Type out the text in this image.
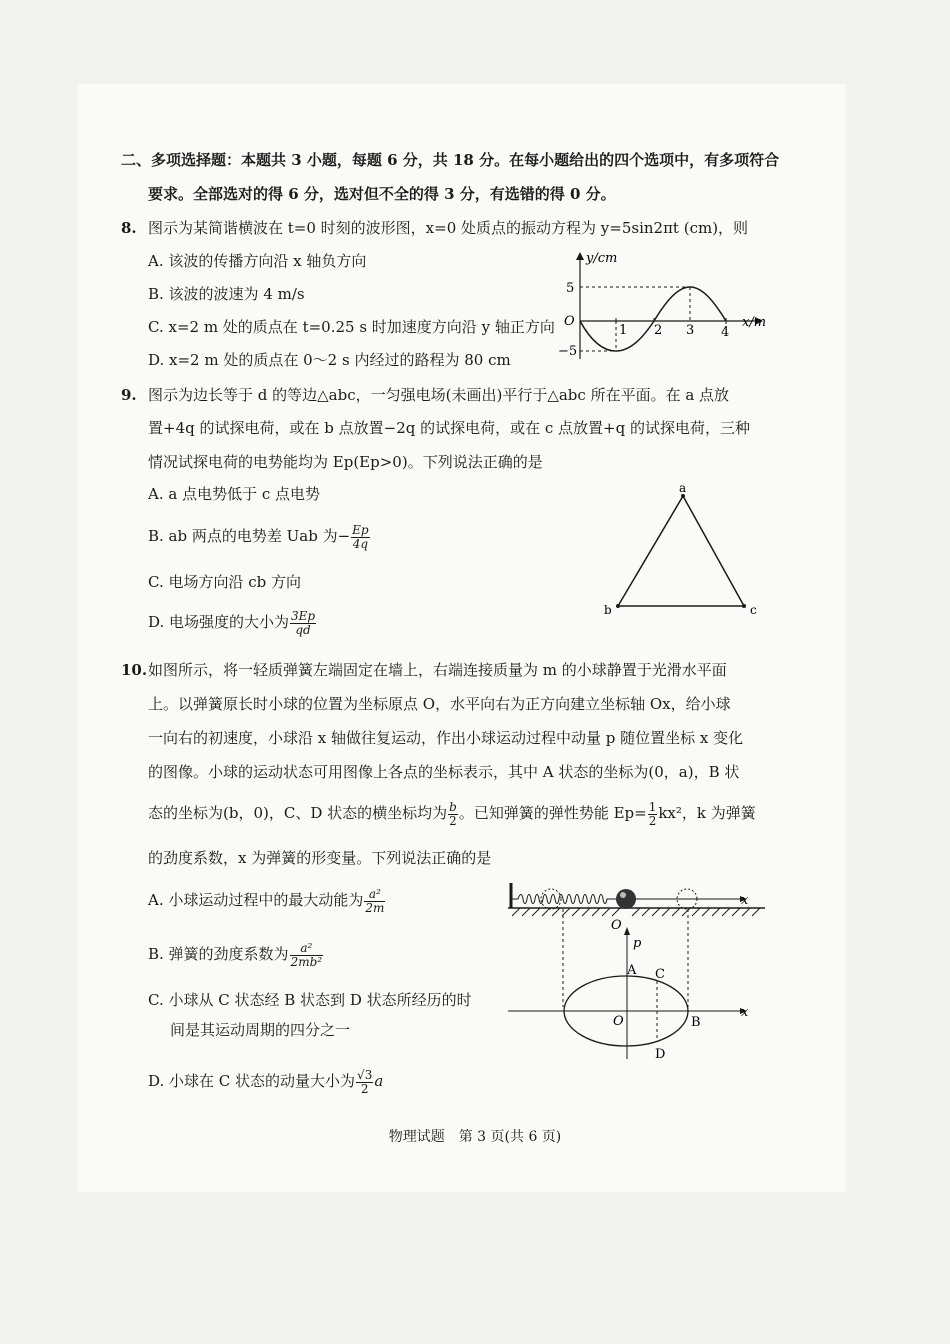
二、多项选择题：本题共 3 小题，每题 6 分，共 18 分。在每小题给出的四个选项中，有多项符合
要求。全部选对的得 6 分，选对但不全的得 3 分，有选错的得 0 分。
8. 图示为某简谐横波在 t=0 时刻的波形图，x=0 处质点的振动方程为 y=5sin2πt (cm)，则
A. 该波的传播方向沿 x 轴负方向
B. 该波的波速为 4 m/s
C. x=2 m 处的质点在 t=0.25 s 时加速度方向沿 y 轴正方向
D. x=2 m 处的质点在 0～2 s 内经过的路程为 80 cm
y/cm
x/m
O
5
−5
1 2 3 4
9. 图示为边长等于 d 的等边△abc，一匀强电场(未画出)平行于△abc 所在平面。在 a 点放
置+4q 的试探电荷，或在 b 点放置−2q 的试探电荷，或在 c 点放置+q 的试探电荷，三种
情况试探电荷的电势能均为 Ep(Ep>0)。下列说法正确的是
A. a 点电势低于 c 点电势
B. ab 两点的电势差 Uab 为− $\frac{Ep}{4q}$
C. 电场方向沿 cb 方向
D. 电场强度的大小为 $\frac{3Ep}{qd}$
a
b	c
10. 如图所示，将一轻质弹簧左端固定在墙上，右端连接质量为 m 的小球静置于光滑水平面
上。以弹簧原长时小球的位置为坐标原点 O，水平向右为正方向建立坐标轴 Ox，给小球
一向右的初速度，小球沿 x 轴做往复运动，作出小球运动过程中动量 p 随位置坐标 x 变化
的图像。小球的运动状态可用图像上各点的坐标表示，其中 A 状态的坐标为(0，a)，B 状
态的坐标为(b，0)，C、D 状态的横坐标均为 $\frac{b}{2}$ 。已知弹簧的弹性势能 $Ep= \frac{1}{2} kx^2$，k 为弹簧
的劲度系数，x 为弹簧的形变量。下列说法正确的是
A. 小球运动过程中的最大动能为 $\frac{\text{a²}}{2m}$
B. 弹簧的劲度系数为 $\frac{\text{a²}}{\text{2mb²}}$
C. 小球从 C 状态经 B 状态到 D 状态所经历的时
间是其运动周期的四分之一
D. 小球在 C 状态的动量大小为 $\frac{√3}{2}$ a
x
O
p
x
O
A
B
C
D
物理试题　第 3 页(共 6 页)
